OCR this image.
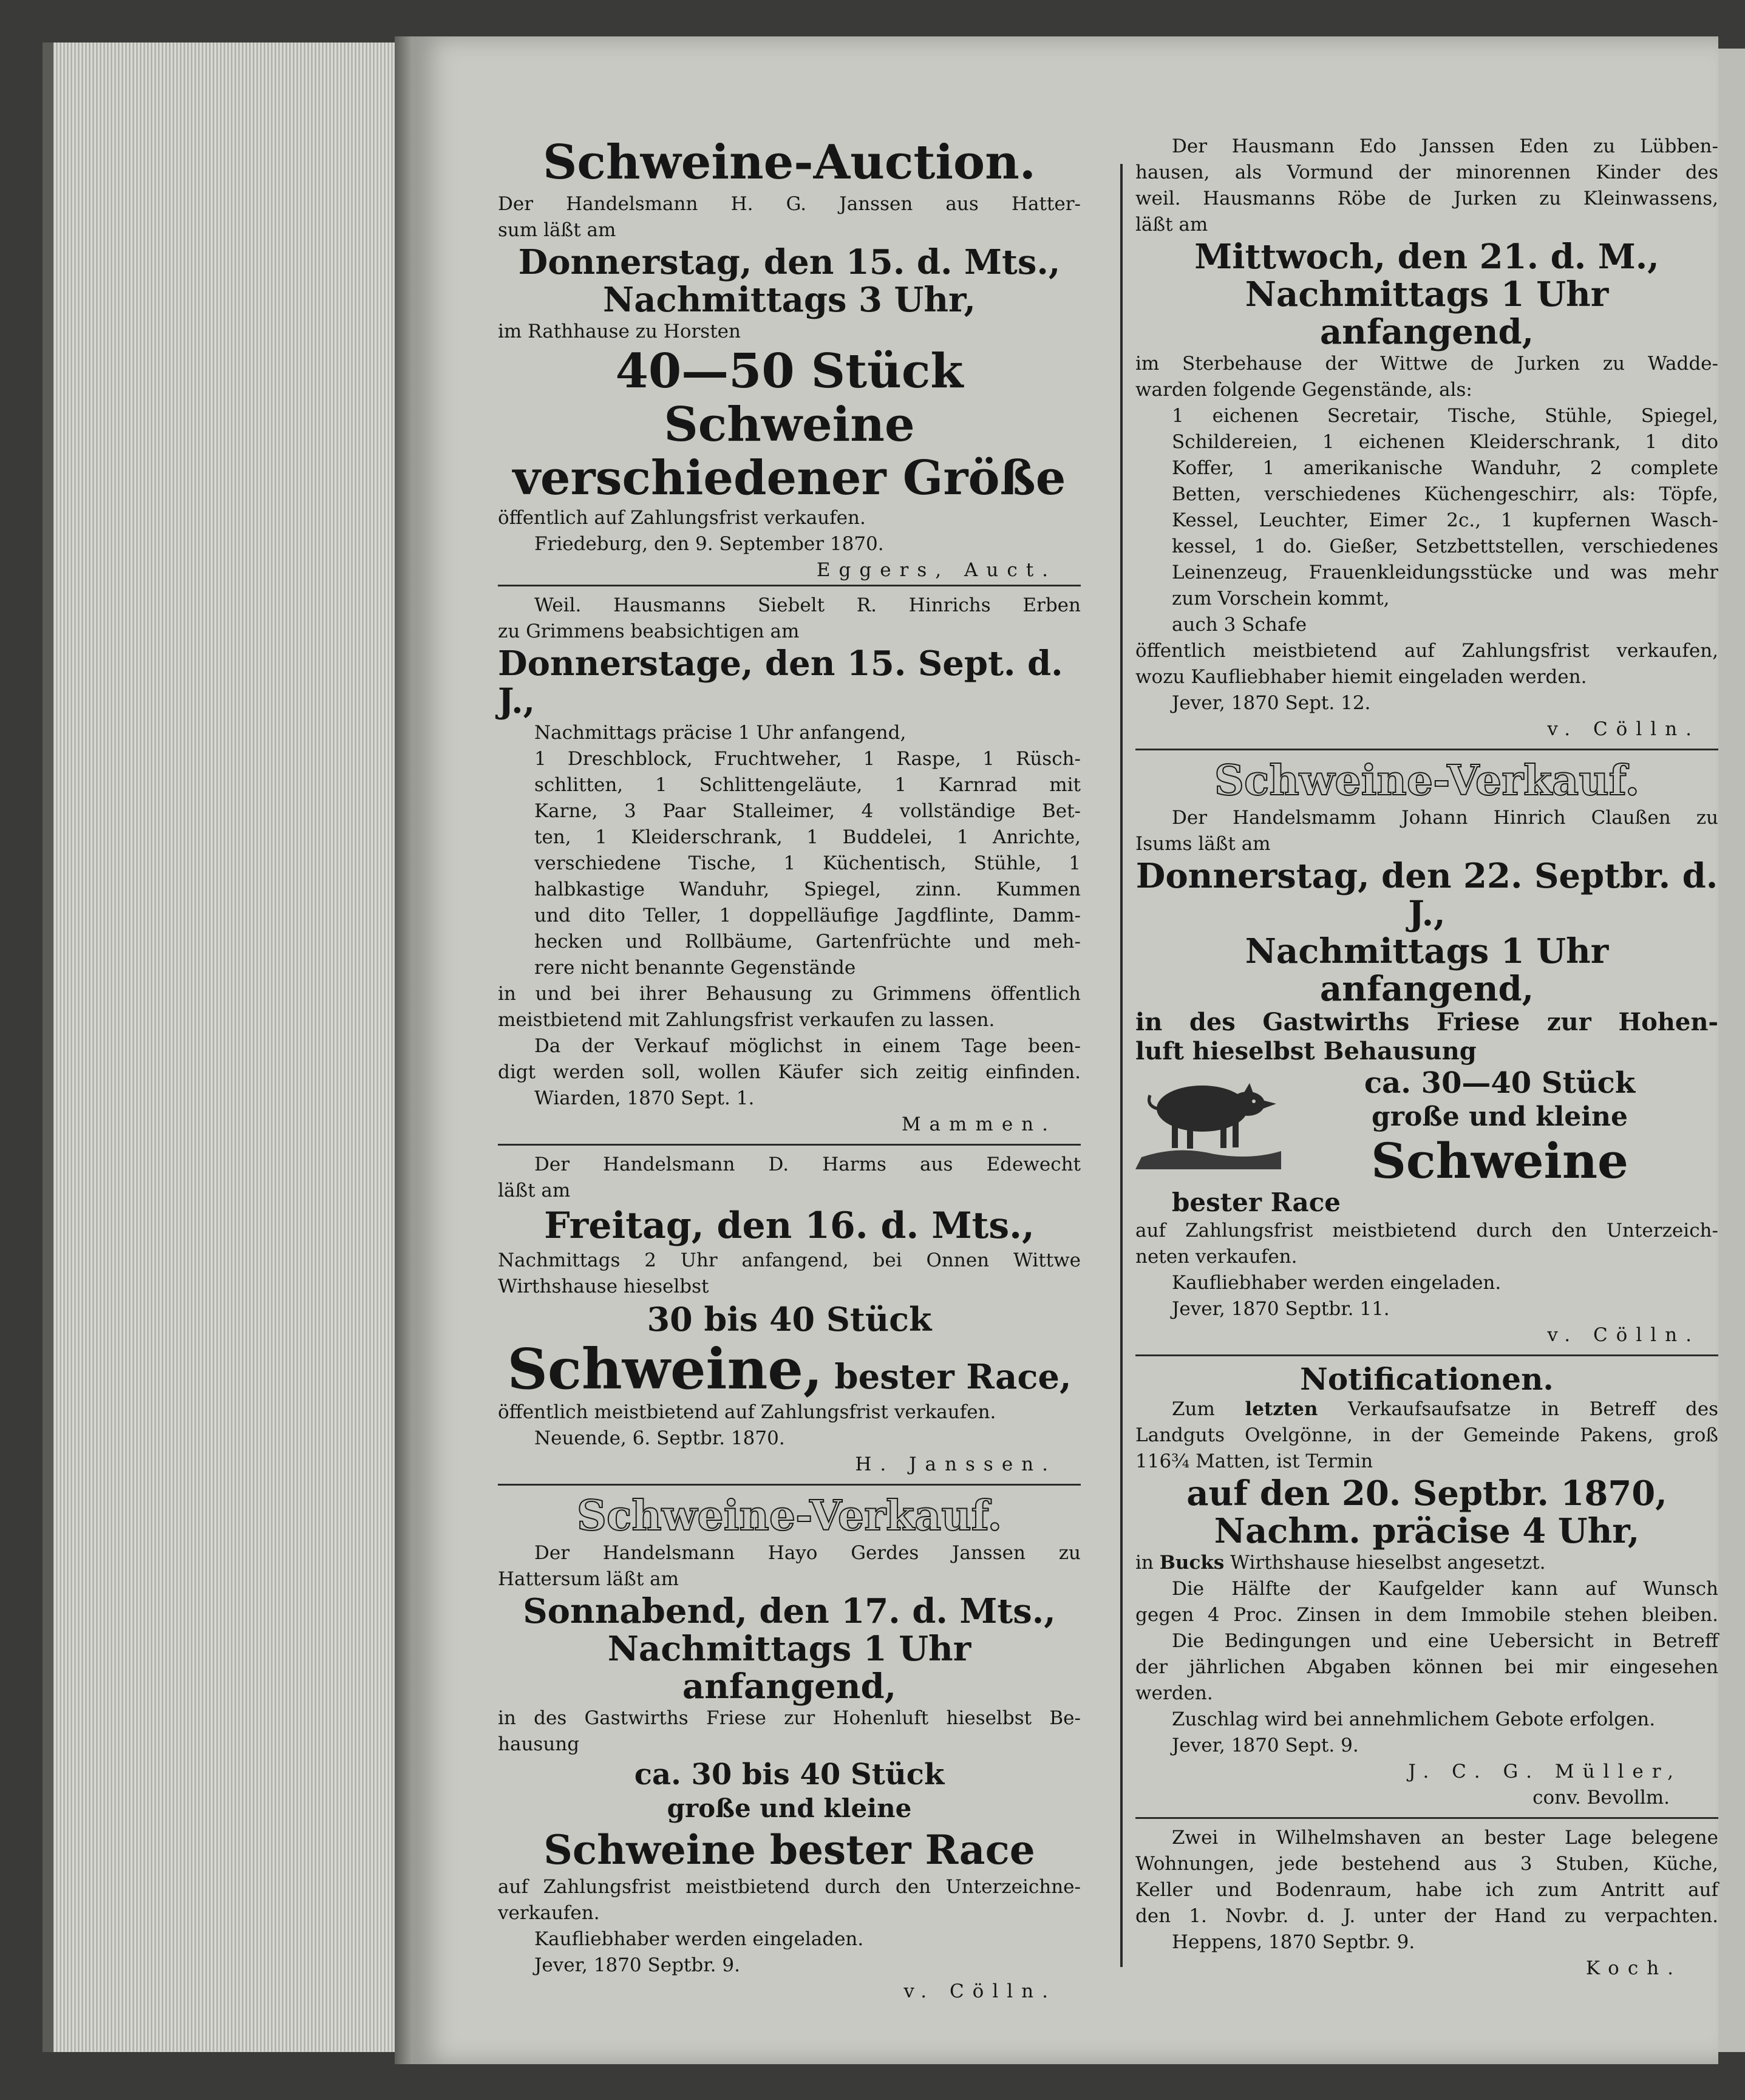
Schweine-Auction.
Der Handelsmann H. G. Janssen aus Hatter-
sum läßt am
Donnerstag, den 15. d. Mts.,
Nachmittags 3 Uhr,
im Rathhause zu Horsten
40—50 Stück Schweine
verschiedener Größe
öffentlich auf Zahlungsfrist verkaufen.
Friedeburg, den 9. September 1870.
Eggers, Auct.
Weil. Hausmanns Siebelt R. Hinrichs Erben
zu Grimmens beabsichtigen am
Donnerstage, den 15. Sept. d. J.,
Nachmittags präcise 1 Uhr anfangend,
1 Dreschblock, Fruchtweher, 1 Raspe, 1 Rüsch-
schlitten, 1 Schlittengeläute, 1 Karnrad mit
Karne, 3 Paar Stalleimer, 4 vollständige Bet-
ten, 1 Kleiderschrank, 1 Buddelei, 1 Anrichte,
verschiedene Tische, 1 Küchentisch, Stühle, 1
halbkastige Wanduhr, Spiegel, zinn. Kummen
und dito Teller, 1 doppelläufige Jagdflinte, Damm-
hecken und Rollbäume, Gartenfrüchte und meh-
rere nicht benannte Gegenstände
in und bei ihrer Behausung zu Grimmens öffentlich
meistbietend mit Zahlungsfrist verkaufen zu lassen.
Da der Verkauf möglichst in einem Tage been-
digt werden soll, wollen Käufer sich zeitig einfinden.
Wiarden, 1870 Sept. 1.
Mammen.
Der Handelsmann D. Harms aus Edewecht
läßt am
Freitag, den 16. d. Mts.,
Nachmittags 2 Uhr anfangend, bei Onnen Wittwe
Wirthshause hieselbst
30 bis 40 Stück
Schweine, bester Race,
öffentlich meistbietend auf Zahlungsfrist verkaufen.
Neuende, 6. Septbr. 1870.
H. Janssen.
Schweine-Verkauf.
Der Handelsmann Hayo Gerdes Janssen zu
Hattersum läßt am
Sonnabend, den 17. d. Mts.,
Nachmittags 1 Uhr anfangend,
in des Gastwirths Friese zur Hohenluft hieselbst Be-
hausung
ca. 30 bis 40 Stück
große und kleine
Schweine bester Race
auf Zahlungsfrist meistbietend durch den Unterzeichne-
verkaufen.
Kaufliebhaber werden eingeladen.
Jever, 1870 Septbr. 9.
v. Cölln.
Der Hausmann Edo Janssen Eden zu Lübben-
hausen, als Vormund der minorennen Kinder des
weil. Hausmanns Röbe de Jurken zu Kleinwassens,
läßt am
Mittwoch, den 21. d. M.,
Nachmittags 1 Uhr anfangend,
im Sterbehause der Wittwe de Jurken zu Wadde-
warden folgende Gegenstände, als:
1 eichenen Secretair, Tische, Stühle, Spiegel,
Schildereien, 1 eichenen Kleiderschrank, 1 dito
Koffer, 1 amerikanische Wanduhr, 2 complete
Betten, verschiedenes Küchengeschirr, als: Töpfe,
Kessel, Leuchter, Eimer 2c., 1 kupfernen Wasch-
kessel, 1 do. Gießer, Setzbettstellen, verschiedenes
Leinenzeug, Frauenkleidungsstücke und was mehr
zum Vorschein kommt,
auch 3 Schafe
öffentlich meistbietend auf Zahlungsfrist verkaufen,
wozu Kaufliebhaber hiemit eingeladen werden.
Jever, 1870 Sept. 12.
v. Cölln.
Schweine-Verkauf.
Der Handelsmamm Johann Hinrich Claußen zu
Isums läßt am
Donnerstag, den 22. Septbr. d. J.,
Nachmittags 1 Uhr anfangend,
in des Gastwirths Friese zur Hohen-
luft hieselbst Behausung
ca. 30—40 Stück
große und kleine
Schweine
bester Race
auf Zahlungsfrist meistbietend durch den Unterzeich-
neten verkaufen.
Kaufliebhaber werden eingeladen.
Jever, 1870 Septbr. 11.
v. Cölln.
Notificationen.
Zum letzten Verkaufsaufsatze in Betreff des
Landguts Ovelgönne, in der Gemeinde Pakens, groß
116¾ Matten, ist Termin
auf den 20. Septbr. 1870,
Nachm. präcise 4 Uhr,
in Bucks Wirthshause hieselbst angesetzt.
Die Hälfte der Kaufgelder kann auf Wunsch
gegen 4 Proc. Zinsen in dem Immobile stehen bleiben.
Die Bedingungen und eine Uebersicht in Betreff
der jährlichen Abgaben können bei mir eingesehen
werden.
Zuschlag wird bei annehmlichem Gebote erfolgen.
Jever, 1870 Sept. 9.
J. C. G. Müller,
conv. Bevollm.
Zwei in Wilhelmshaven an bester Lage belegene
Wohnungen, jede bestehend aus 3 Stuben, Küche,
Keller und Bodenraum, habe ich zum Antritt auf
den 1. Novbr. d. J. unter der Hand zu verpachten.
Heppens, 1870 Septbr. 9.
Koch.
